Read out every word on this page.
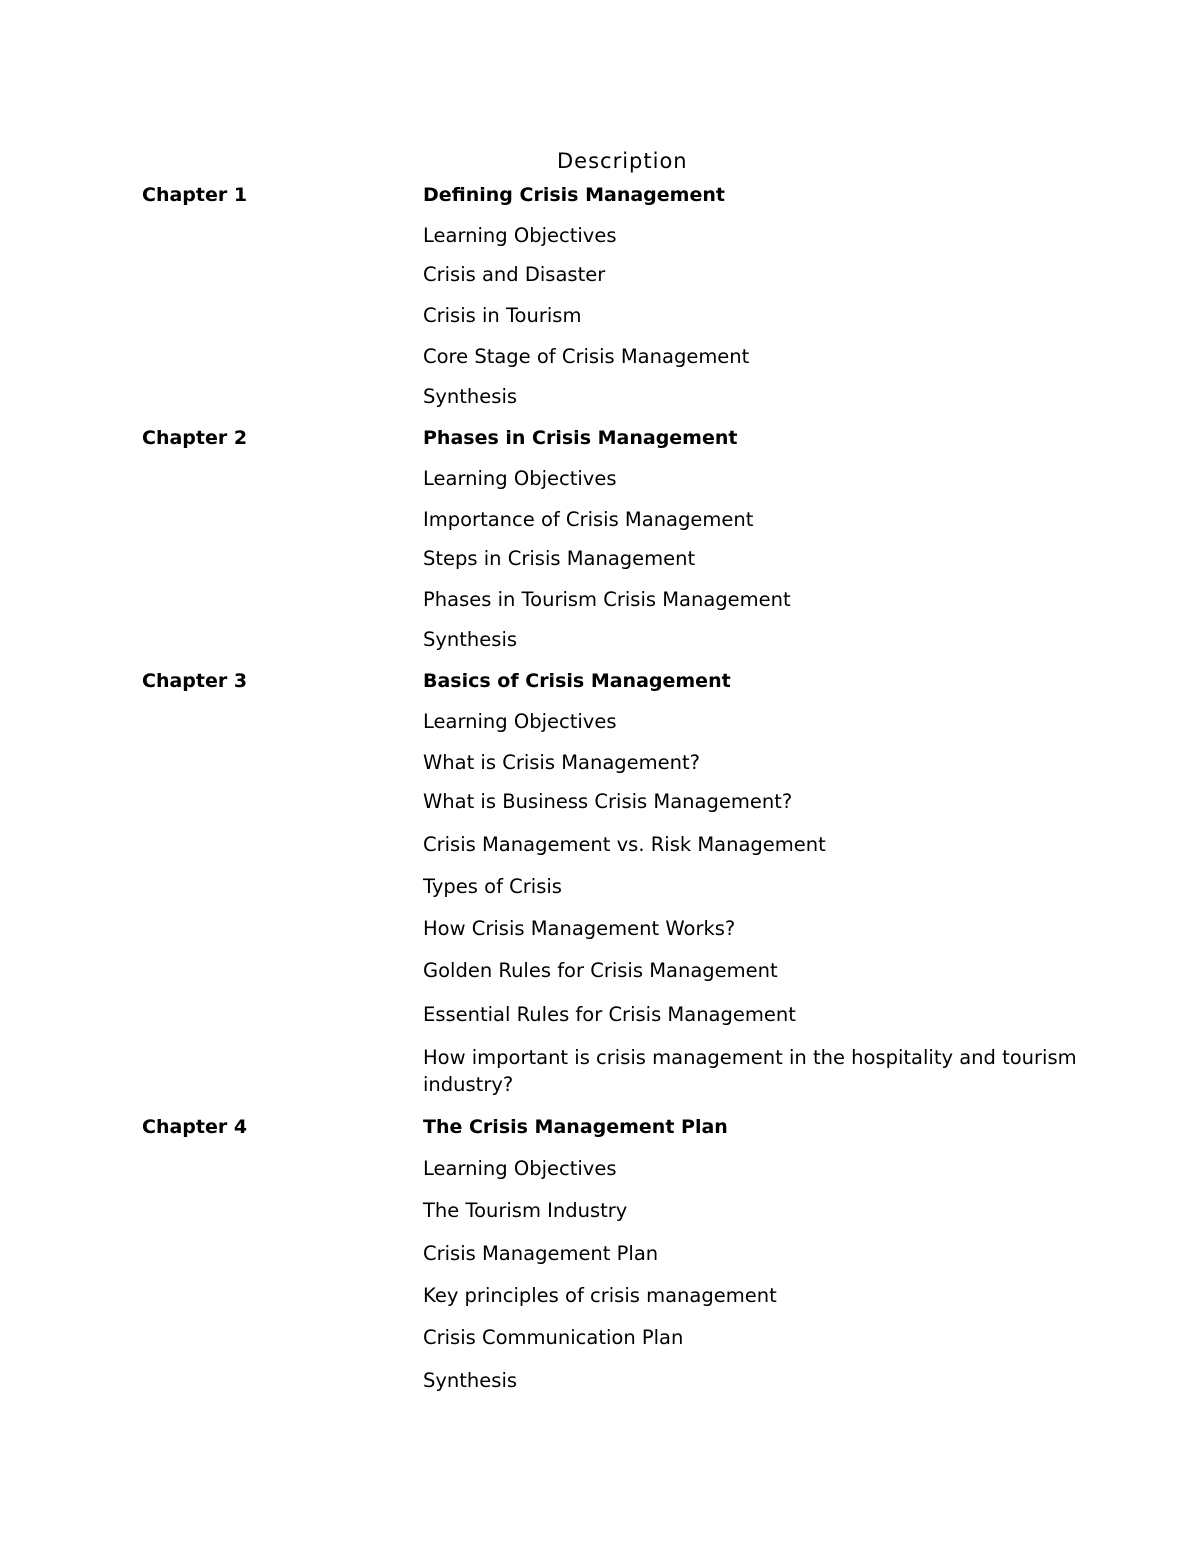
Description
Chapter 1	Defining Crisis Management
Learning Objectives
Crisis and Disaster
Crisis in Tourism
Core Stage of Crisis Management
Synthesis
Chapter 2	Phases in Crisis Management
Learning Objectives
Importance of Crisis Management
Steps in Crisis Management
Phases in Tourism Crisis Management
Synthesis
Chapter 3	Basics of Crisis Management
Learning Objectives
What is Crisis Management?
What is Business Crisis Management?
Crisis Management vs. Risk Management
Types of Crisis
How Crisis Management Works?
Golden Rules for Crisis Management
Essential Rules for Crisis Management
How important is crisis management in the hospitality and tourism industry?
Chapter 4	The Crisis Management Plan
Learning Objectives
The Tourism Industry
Crisis Management Plan
Key principles of crisis management
Crisis Communication Plan
Synthesis
